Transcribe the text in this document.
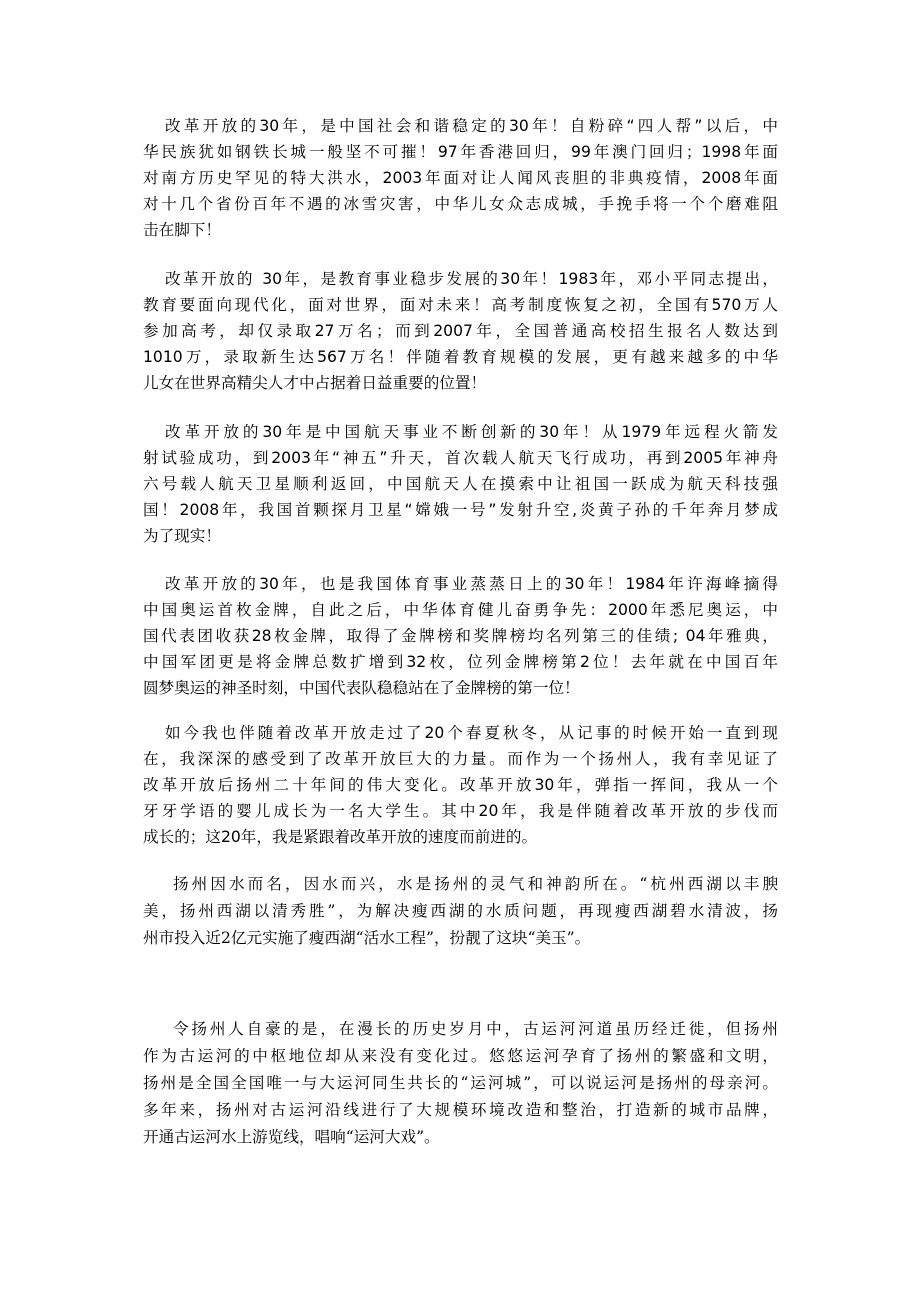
改革开放的30年，是中国社会和谐稳定的30年！自粉碎“四人帮”以后，中
华民族犹如钢铁长城一般坚不可摧！97年香港回归，99年澳门回归；1998年面
对南方历史罕见的特大洪水，2003年面对让人闻风丧胆的非典疫情，2008年面
对十几个省份百年不遇的冰雪灾害，中华儿女众志成城，手挽手将一个个磨难阻
击在脚下！
改革开放的 30年，是教育事业稳步发展的30年！1983年，邓小平同志提出，
教育要面向现代化，面对世界，面对未来！高考制度恢复之初，全国有570万人
参加高考，却仅录取27万名；而到2007年，全国普通高校招生报名人数达到
1010万，录取新生达567万名！伴随着教育规模的发展，更有越来越多的中华
儿女在世界高精尖人才中占据着日益重要的位置！
改革开放的30年是中国航天事业不断创新的30年！从1979年远程火箭发
射试验成功，到2003年“神五”升天，首次载人航天飞行成功，再到2005年神舟
六号载人航天卫星顺利返回，中国航天人在摸索中让祖国一跃成为航天科技强
国！2008年，我国首颗探月卫星“嫦娥一号”发射升空,炎黄子孙的千年奔月梦成
为了现实！
改革开放的30年，也是我国体育事业蒸蒸日上的30年！1984年许海峰摘得
中国奥运首枚金牌，自此之后，中华体育健儿奋勇争先：2000年悉尼奥运，中
国代表团收获28枚金牌，取得了金牌榜和奖牌榜均名列第三的佳绩; 04年雅典，
中国军团更是将金牌总数扩增到32枚，位列金牌榜第2位！去年就在中国百年
圆梦奥运的神圣时刻，中国代表队稳稳站在了金牌榜的第一位！
如今我也伴随着改革开放走过了20个春夏秋冬，从记事的时候开始一直到现
在，我深深的感受到了改革开放巨大的力量。而作为一个扬州人，我有幸见证了
改革开放后扬州二十年间的伟大变化。改革开放30年，弹指一挥间，我从一个
牙牙学语的婴儿成长为一名大学生。其中20年，我是伴随着改革开放的步伐而
成长的；这20年，我是紧跟着改革开放的速度而前进的。
扬州因水而名，因水而兴，水是扬州的灵气和神韵所在。“杭州西湖以丰腴
美，扬州西湖以清秀胜”，为解决瘦西湖的水质问题，再现瘦西湖碧水清波，扬
州市投入近2亿元实施了瘦西湖“活水工程”，扮靓了这块“美玉”。
令扬州人自豪的是，在漫长的历史岁月中，古运河河道虽历经迁徙，但扬州
作为古运河的中枢地位却从来没有变化过。悠悠运河孕育了扬州的繁盛和文明，
扬州是全国全国唯一与大运河同生共长的“运河城”，可以说运河是扬州的母亲河。
多年来，扬州对古运河沿线进行了大规模环境改造和整治，打造新的城市品牌，
开通古运河水上游览线，唱响“运河大戏”。
